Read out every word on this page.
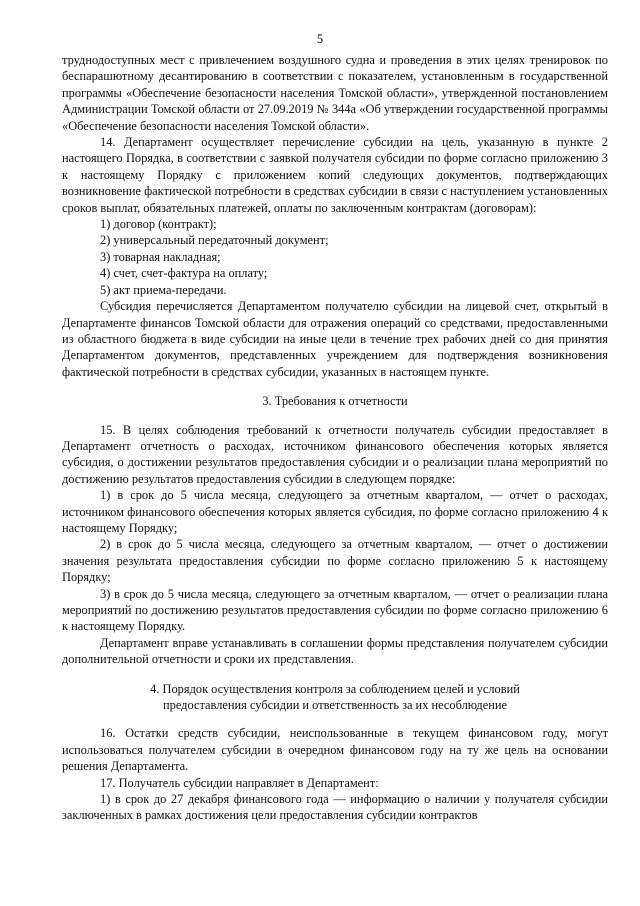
5

труднодоступных мест с привлечением воздушного судна и проведения в этих целях тренировок по беспарашютному десантированию в соответствии с показателем, установленным в государственной программы «Обеспечение безопасности населения Томской области», утвержденной постановлением Администрации Томской области от 27.09.2019 № 344а «Об утверждении государственной программы «Обеспечение безопасности населения Томской области».

14. Департамент осуществляет перечисление субсидии на цель, указанную в пункте 2 настоящего Порядка, в соответствии с заявкой получателя субсидии по форме согласно приложению 3 к настоящему Порядку с приложением копий следующих документов, подтверждающих возникновение фактической потребности в средствах субсидии в связи с наступлением установленных сроков выплат, обязательных платежей, оплаты по заключенным контрактам (договорам):

1) договор (контракт);

2) универсальный передаточный документ;

3) товарная накладная;

4) счет, счет-фактура на оплату;

5) акт приема-передачи.

Субсидия перечисляется Департаментом получателю субсидии на лицевой счет, открытый в Департаменте финансов Томской области для отражения операций со средствами, предоставленными из областного бюджета в виде субсидии на иные цели в течение трех рабочих дней со дня принятия Департаментом документов, представленных учреждением для подтверждения возникновения фактической потребности в средствах субсидии, указанных в настоящем пункте.

3. Требования к отчетности

15. В целях соблюдения требований к отчетности получатель субсидии предоставляет в Департамент отчетность о расходах, источником финансового обеспечения которых является субсидия, о достижении результатов предоставления субсидии и о реализации плана мероприятий по достижению результатов предоставления субсидии в следующем порядке:

1) в срок до 5 числа месяца, следующего за отчетным кварталом, — отчет о расходах, источником финансового обеспечения которых является субсидия, по форме согласно приложению 4 к настоящему Порядку;

2) в срок до 5 числа месяца, следующего за отчетным кварталом, — отчет о достижении значения результата предоставления субсидии по форме согласно приложению 5 к настоящему Порядку;

3) в срок до 5 числа месяца, следующего за отчетным кварталом, — отчет о реализации плана мероприятий по достижению результатов предоставления субсидии по форме согласно приложению 6 к настоящему Порядку.

Департамент вправе устанавливать в соглашении формы представления получателем субсидии дополнительной отчетности и сроки их представления.

4. Порядок осуществления контроля за соблюдением целей и условий

предоставления субсидии и ответственность за их несоблюдение

16. Остатки средств субсидии, неиспользованные в текущем финансовом году, могут использоваться получателем субсидии в очередном финансовом году на ту же цель на основании решения Департамента.

17. Получатель субсидии направляет в Департамент:

1) в срок до 27 декабря финансового года — информацию о наличии у получателя субсидии заключенных в рамках достижения цели предоставления субсидии контрактов
